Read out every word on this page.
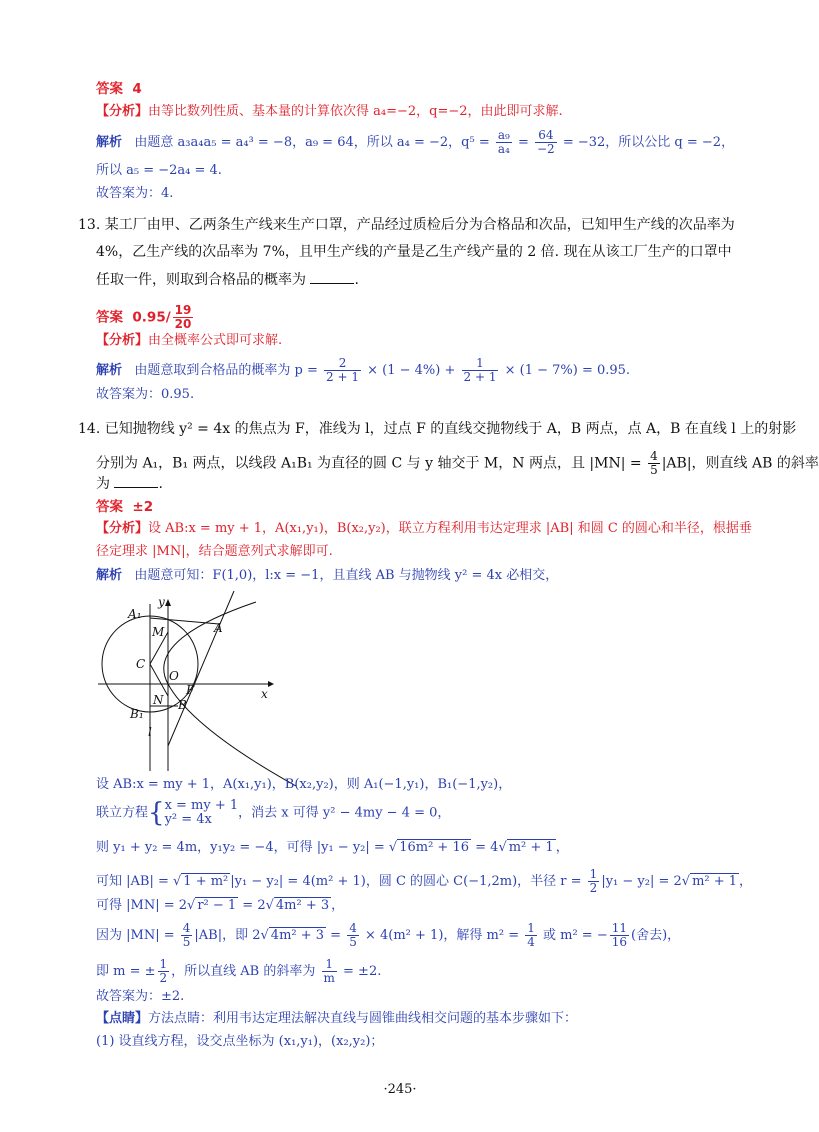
答案 4
【分析】由等比数列性质、基本量的计算依次得 a₄=−2，q=−2，由此即可求解.
解析 由题意 a₃a₄a₅ = a₄³ = −8，a₉ = 64，所以 a₄ = −2，$q^5 = \frac{\text{a₉}}{\text{a₄}} = \frac{64}{-2} = -32$，所以公比 q = −2，
所以 a₅ = −2a₄ = 4.
故答案为：4.
13. 某工厂由甲、乙两条生产线来生产口罩，产品经过质检后分为合格品和次品，已知甲生产线的次品率为
4%，乙生产线的次品率为 7%，且甲生产线的产量是乙生产线产量的 2 倍. 现在从该工厂生产的口罩中
任取一件，则取到合格品的概率为	.
答案 $0.95/ \frac{19}{20}$
【分析】由全概率公式即可求解.
解析 由题意取到合格品的概率为 $p = \frac{2}{2 + 1} \times (1 - 4\%) + \frac{1}{2 + 1} \times (1 - 7\%) = 0.95$.
故答案为：0.95.
14. 已知抛物线 y² = 4x 的焦点为 F，准线为 l，过点 F 的直线交抛物线于 A，B 两点，点 A，B 在直线 l 上的射影
分别为 A₁，B₁ 两点，以线段 A₁B₁ 为直径的圆 C 与 y 轴交于 M，N 两点，且 $|MN| = \frac{4}{5} |AB|$，则直线 AB 的斜率
为	.
答案 ±2
【分析】设 AB:x = my + 1，A(x₁,y₁)，B(x₂,y₂)，联立方程利用韦达定理求 |AB| 和圆 C 的圆心和半径，根据垂
径定理求 |MN|，结合题意列式求解即可.
解析 由题意可知：F(1,0)，l:x = −1，且直线 AB 与抛物线 y² = 4x 必相交，
A₁
y
M	A
C
O
F	x
N
B₁
B
l
设 AB:x = my + 1，A(x₁,y₁)，B(x₂,y₂)，则 A₁(−1,y₁)，B₁(−1,y₂)，
联立方程{ x = my + 1
y² = 4x	，消去 x 可得 y² − 4my − 4 = 0，
则 y₁ + y₂ = 4m，y₁y₂ = −4，可得 |y₁ − y₂| = √ 16m² + 16 = 4√ m² + 1 ，
可知 |AB| = √ 1 + m² |y₁ − y₂| = 4(m² + 1)，圆 C 的圆心 C(−1,2m)，半径 $r = \frac{1}{2} |y_1 - y_2| = 2√$ m² + 1 ，
可得 |MN| = 2√ r² − 1 = 2√ 4m² + 3 ，
因为 $|MN| = \frac{4}{5} |AB|$，即 2√ $4m^2 + 3 = \frac{4}{5} \times 4(m^2 + 1)$，解得 $m^2 = \frac{1}{4}$ 或 m² = − $\frac{11}{16}$ (舍去)，
即 m = ± $\frac{1}{2}$ ，所以直线 AB 的斜率为 $\frac{1}{m} = \pm 2$.
故答案为：±2.
【点睛】方法点睛：利用韦达定理法解决直线与圆锥曲线相交问题的基本步骤如下：
(1) 设直线方程，设交点坐标为 (x₁,y₁)，(x₂,y₂)；
·245·
